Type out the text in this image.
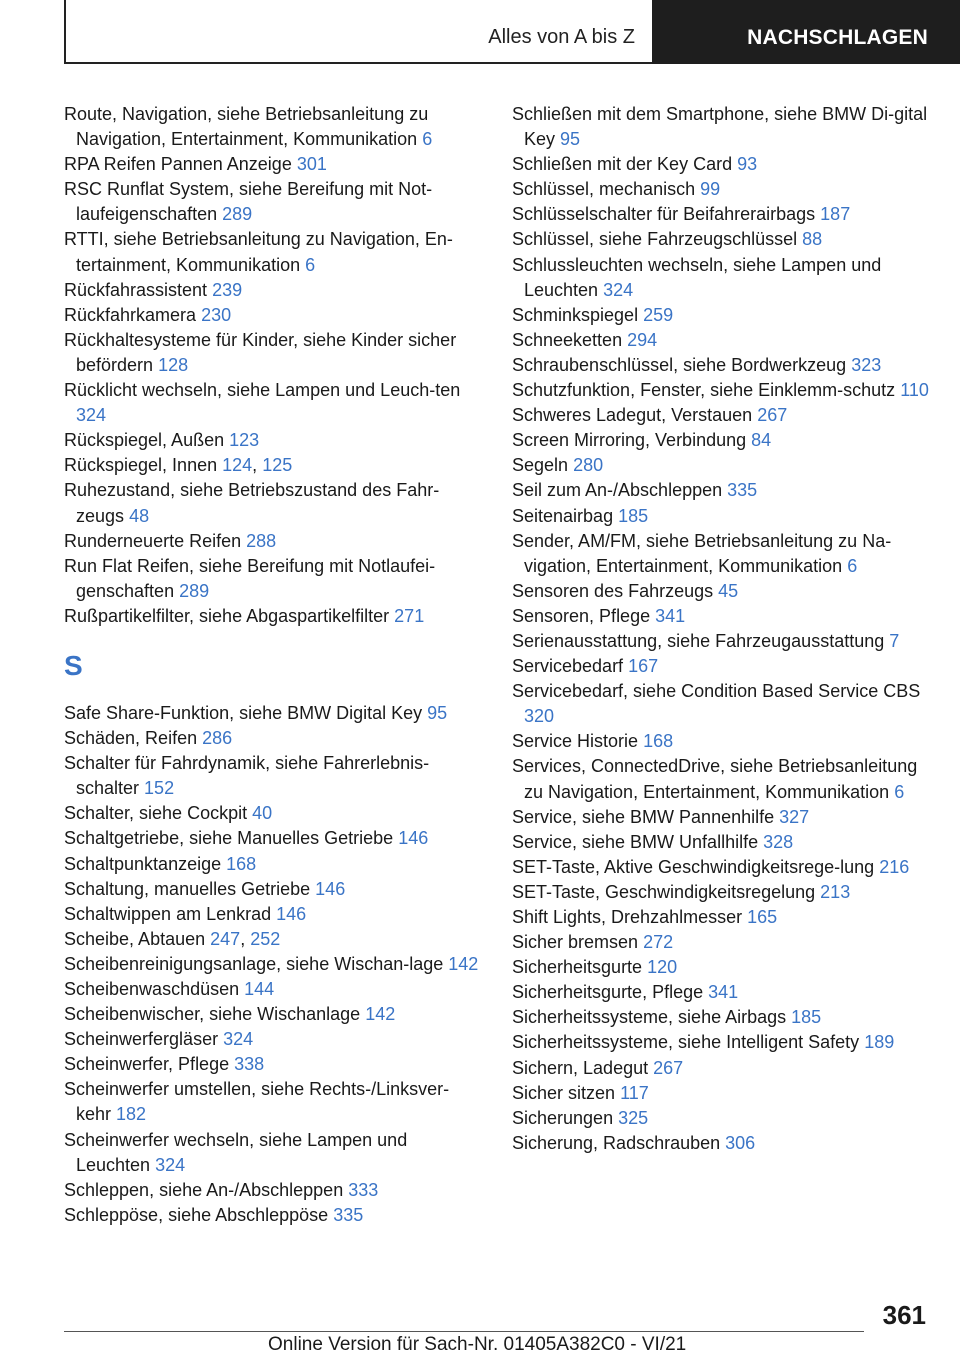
Alles von A bis Z	NACHSCHLAGEN

Route, Navigation, siehe Betriebsanleitung zu Navigation, Entertainment, Kommunikation 6

RPA Reifen Pannen Anzeige 301

RSC Runflat System, siehe Bereifung mit Not-laufeigenschaften 289

RTTI, siehe Betriebsanleitung zu Navigation, En-tertainment, Kommunikation 6

Rückfahrassistent 239

Rückfahrkamera 230

Rückhaltesysteme für Kinder, siehe Kinder sicher befördern 128

Rücklicht wechseln, siehe Lampen und Leuch-ten 324

Rückspiegel, Außen 123

Rückspiegel, Innen 124, 125

Ruhezustand, siehe Betriebszustand des Fahr-zeugs 48

Runderneuerte Reifen 288

Run Flat Reifen, siehe Bereifung mit Notlaufei-genschaften 289

Rußpartikelfilter, siehe Abgaspartikelfilter 271

S

Safe Share-Funktion, siehe BMW Digital Key 95

Schäden, Reifen 286

Schalter für Fahrdynamik, siehe Fahrerlebnis-schalter 152

Schalter, siehe Cockpit 40

Schaltgetriebe, siehe Manuelles Getriebe 146

Schaltpunktanzeige 168

Schaltung, manuelles Getriebe 146

Schaltwippen am Lenkrad 146

Scheibe, Abtauen 247, 252

Scheibenreinigungsanlage, siehe Wischan-lage 142

Scheibenwaschdüsen 144

Scheibenwischer, siehe Wischanlage 142

Scheinwerfergläser 324

Scheinwerfer, Pflege 338

Scheinwerfer umstellen, siehe Rechts-/Linksver-kehr 182

Scheinwerfer wechseln, siehe Lampen und Leuchten 324

Schleppen, siehe An-/Abschleppen 333

Schleppöse, siehe Abschleppöse 335

Schließen mit dem Smartphone, siehe BMW Di-gital Key 95

Schließen mit der Key Card 93

Schlüssel, mechanisch 99

Schlüsselschalter für Beifahrerairbags 187

Schlüssel, siehe Fahrzeugschlüssel 88

Schlussleuchten wechseln, siehe Lampen und Leuchten 324

Schminkspiegel 259

Schneeketten 294

Schraubenschlüssel, siehe Bordwerkzeug 323

Schutzfunktion, Fenster, siehe Einklemm-schutz 110

Schweres Ladegut, Verstauen 267

Screen Mirroring, Verbindung 84

Segeln 280

Seil zum An-/Abschleppen 335

Seitenairbag 185

Sender, AM/FM, siehe Betriebsanleitung zu Na-vigation, Entertainment, Kommunikation 6

Sensoren des Fahrzeugs 45

Sensoren, Pflege 341

Serienausstattung, siehe Fahrzeugausstattung 7

Servicebedarf 167

Servicebedarf, siehe Condition Based Service CBS 320

Service Historie 168

Services, ConnectedDrive, siehe Betriebsanleitung zu Navigation, Entertainment, Kommunikation 6

Service, siehe BMW Pannenhilfe 327

Service, siehe BMW Unfallhilfe 328

SET-Taste, Aktive Geschwindigkeitsrege-lung 216

SET-Taste, Geschwindigkeitsregelung 213

Shift Lights, Drehzahlmesser 165

Sicher bremsen 272

Sicherheitsgurte 120

Sicherheitsgurte, Pflege 341

Sicherheitssysteme, siehe Airbags 185

Sicherheitssysteme, siehe Intelligent Safety 189

Sichern, Ladegut 267

Sicher sitzen 117

Sicherungen 325

Sicherung, Radschrauben 306

361
Online Version für Sach-Nr. 01405A382C0 - VI/21
